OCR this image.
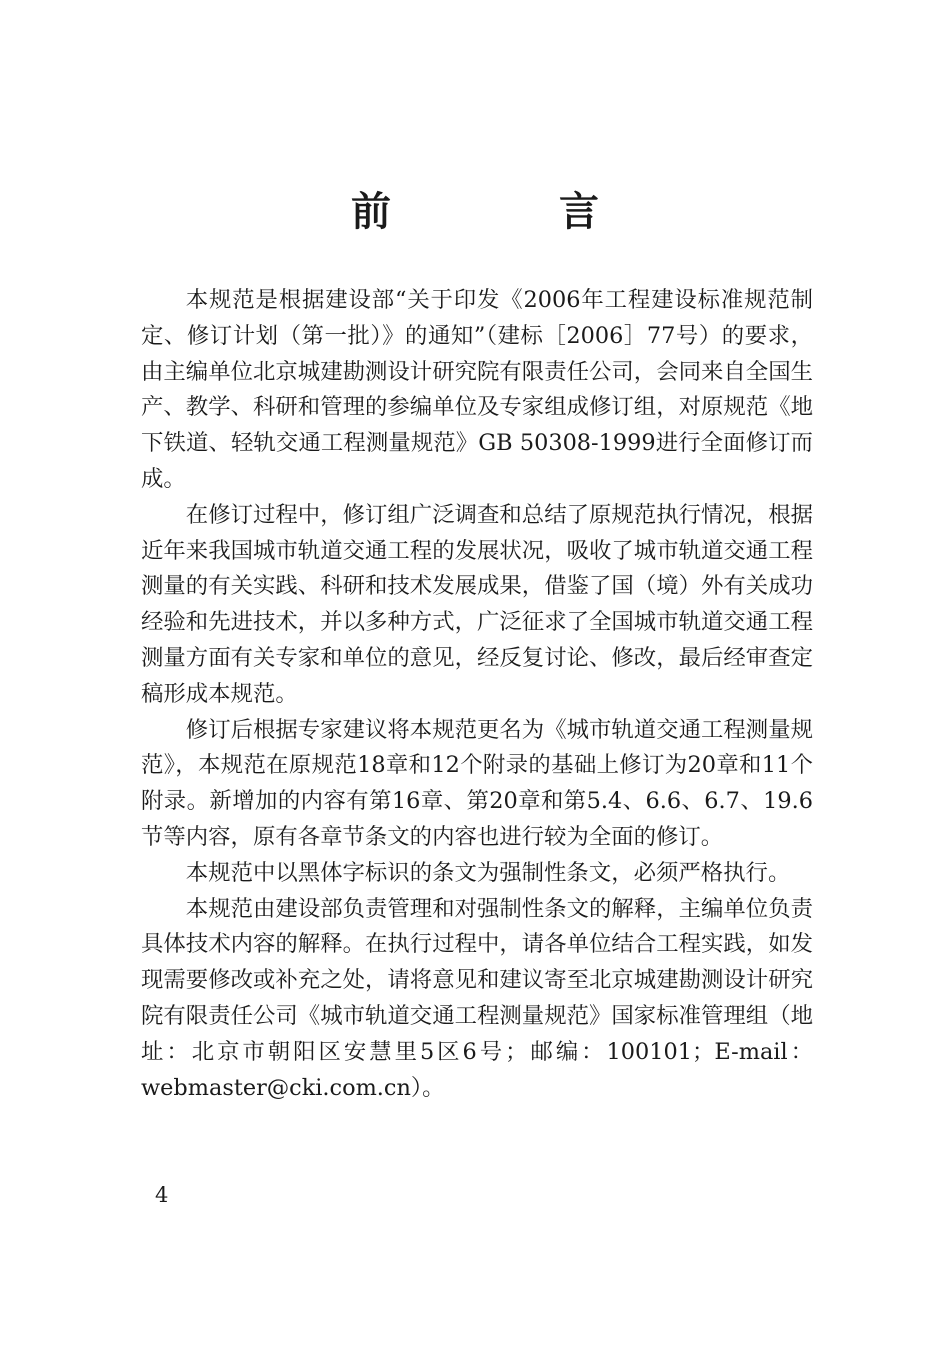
前　言

本规范是根据建设部“关于印发《2006年工程建设标准规范制定、修订计划（第一批）》的通知”（建标［2006］77号）的要求，由主编单位北京城建勘测设计研究院有限责任公司，会同来自全国生产、教学、科研和管理的参编单位及专家组成修订组，对原规范《地下铁道、轻轨交通工程测量规范》GB 50308-1999进行全面修订而成。

在修订过程中，修订组广泛调查和总结了原规范执行情况，根据近年来我国城市轨道交通工程的发展状况，吸收了城市轨道交通工程测量的有关实践、科研和技术发展成果，借鉴了国（境）外有关成功经验和先进技术，并以多种方式，广泛征求了全国城市轨道交通工程测量方面有关专家和单位的意见，经反复讨论、修改，最后经审查定稿形成本规范。

修订后根据专家建议将本规范更名为《城市轨道交通工程测量规范》，本规范在原规范18章和12个附录的基础上修订为20章和11个附录。新增加的内容有第16章、第20章和第5.4、6.6、6.7、19.6节等内容，原有各章节条文的内容也进行较为全面的修订。

本规范中以黑体字标识的条文为强制性条文，必须严格执行。

本规范由建设部负责管理和对强制性条文的解释，主编单位负责具体技术内容的解释。在执行过程中，请各单位结合工程实践，如发现需要修改或补充之处，请将意见和建议寄至北京城建勘测设计研究院有限责任公司《城市轨道交通工程测量规范》国家标准管理组（地址：北京市朝阳区安慧里5区6号；邮编：100101；E-mail：webmaster@cki.com.cn）。

4
